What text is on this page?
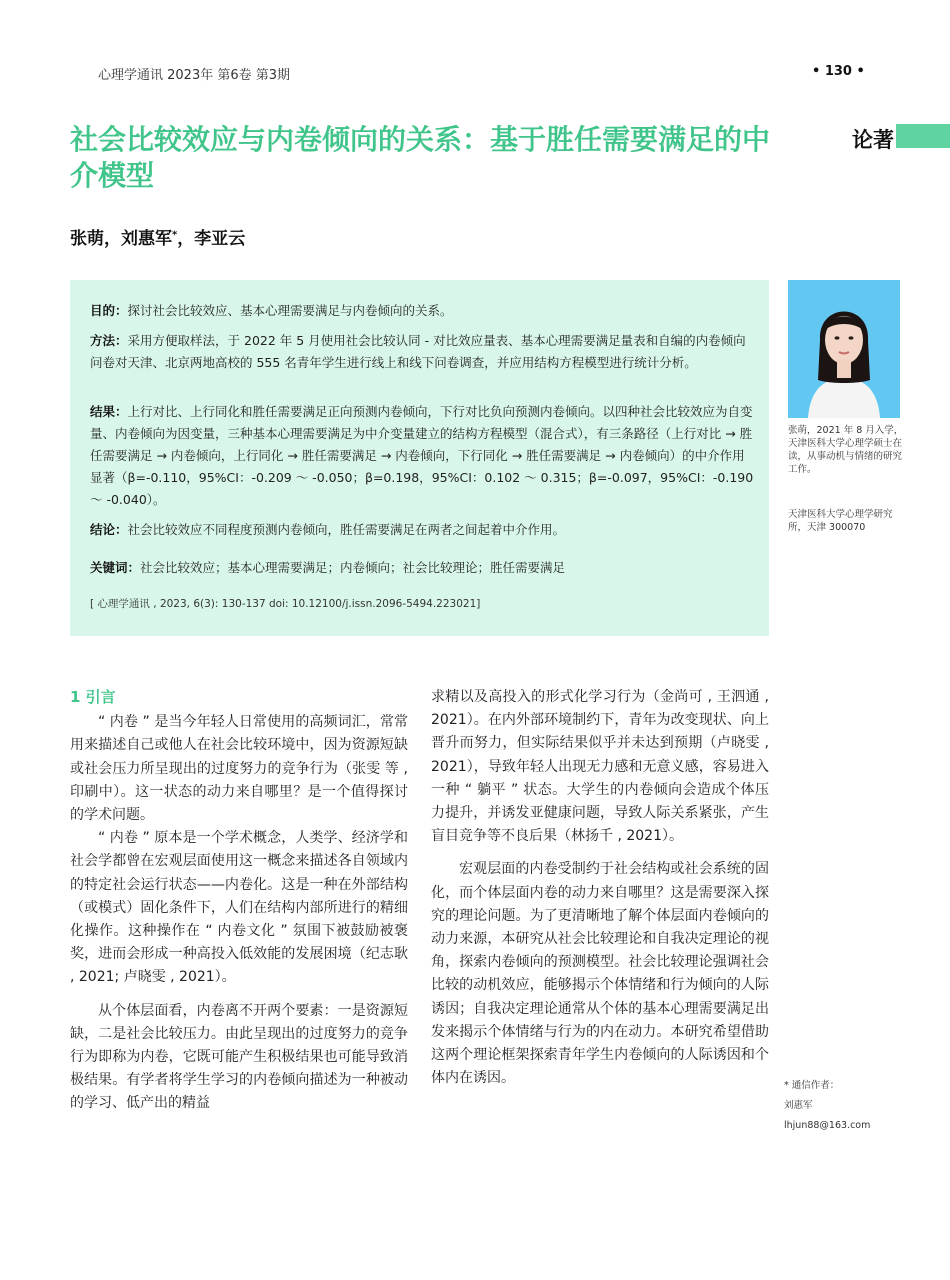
心理学通讯 2023年 第6卷 第3期	• 130 •
论著
社会比较效应与内卷倾向的关系：基于胜任需要满足的中介模型
张萌，刘惠军*，李亚云

目的：探讨社会比较效应、基本心理需要满足与内卷倾向的关系。

方法：采用方便取样法，于 2022 年 5 月使用社会比较认同 - 对比效应量表、基本心理需要满足量表和自编的内卷倾向问卷对天津、北京两地高校的 555 名青年学生进行线上和线下问卷调查，并应用结构方程模型进行统计分析。

结果：上行对比、上行同化和胜任需要满足正向预测内卷倾向，下行对比负向预测内卷倾向。以四种社会比较效应为自变量、内卷倾向为因变量，三种基本心理需要满足为中介变量建立的结构方程模型（混合式），有三条路径（上行对比 → 胜任需要满足 → 内卷倾向，上行同化 → 胜任需要满足 → 内卷倾向，下行同化 → 胜任需要满足 → 内卷倾向）的中介作用显著（β=-0.110，95%CI：-0.209 ～ -0.050；β=0.198，95%CI：0.102 ～ 0.315；β=-0.097，95%CI：-0.190 ～ -0.040）。

结论：社会比较效应不同程度预测内卷倾向，胜任需要满足在两者之间起着中介作用。

关键词：社会比较效应；基本心理需要满足；内卷倾向；社会比较理论；胜任需要满足

[ 心理学通讯 , 2023, 6(3): 130-137 doi: 10.12100/j.issn.2096-5494.223021]
张萌，2021 年 8 月入学，天津医科大学心理学硕士在读，从事动机与情绪的研究工作。
天津医科大学心理学研究所，天津 300070
* 通信作者：
刘惠军
lhjun88@163.com
1 引言

“ 内卷 ” 是当今年轻人日常使用的高频词汇，常常用来描述自己或他人在社会比较环境中，因为资源短缺或社会压力所呈现出的过度努力的竞争行为（张雯 等 , 印刷中）。这一状态的动力来自哪里？是一个值得探讨的学术问题。

“ 内卷 ” 原本是一个学术概念，人类学、经济学和社会学都曾在宏观层面使用这一概念来描述各自领域内的特定社会运行状态——内卷化。这是一种在外部结构（或模式）固化条件下，人们在结构内部所进行的精细化操作。这种操作在 “ 内卷文化 ” 氛围下被鼓励被褒奖，进而会形成一种高投入低效能的发展困境（纪志耿 , 2021; 卢晓雯 , 2021）。

从个体层面看，内卷离不开两个要素：一是资源短缺，二是社会比较压力。由此呈现出的过度努力的竞争行为即称为内卷，它既可能产生积极结果也可能导致消极结果。有学者将学生学习的内卷倾向描述为一种被动的学习、低产出的精益

求精以及高投入的形式化学习行为（金尚可 , 王泗通 , 2021）。在内外部环境制约下，青年为改变现状、向上晋升而努力，但实际结果似乎并未达到预期（卢晓雯 , 2021），导致年轻人出现无力感和无意义感，容易进入一种 “ 躺平 ” 状态。大学生的内卷倾向会造成个体压力提升，并诱发亚健康问题，导致人际关系紧张，产生盲目竞争等不良后果（林扬千 , 2021）。

宏观层面的内卷受制约于社会结构或社会系统的固化，而个体层面内卷的动力来自哪里？这是需要深入探究的理论问题。为了更清晰地了解个体层面内卷倾向的动力来源，本研究从社会比较理论和自我决定理论的视角，探索内卷倾向的预测模型。社会比较理论强调社会比较的动机效应，能够揭示个体情绪和行为倾向的人际诱因；自我决定理论通常从个体的基本心理需要满足出发来揭示个体情绪与行为的内在动力。本研究希望借助这两个理论框架探索青年学生内卷倾向的人际诱因和个体内在诱因。
